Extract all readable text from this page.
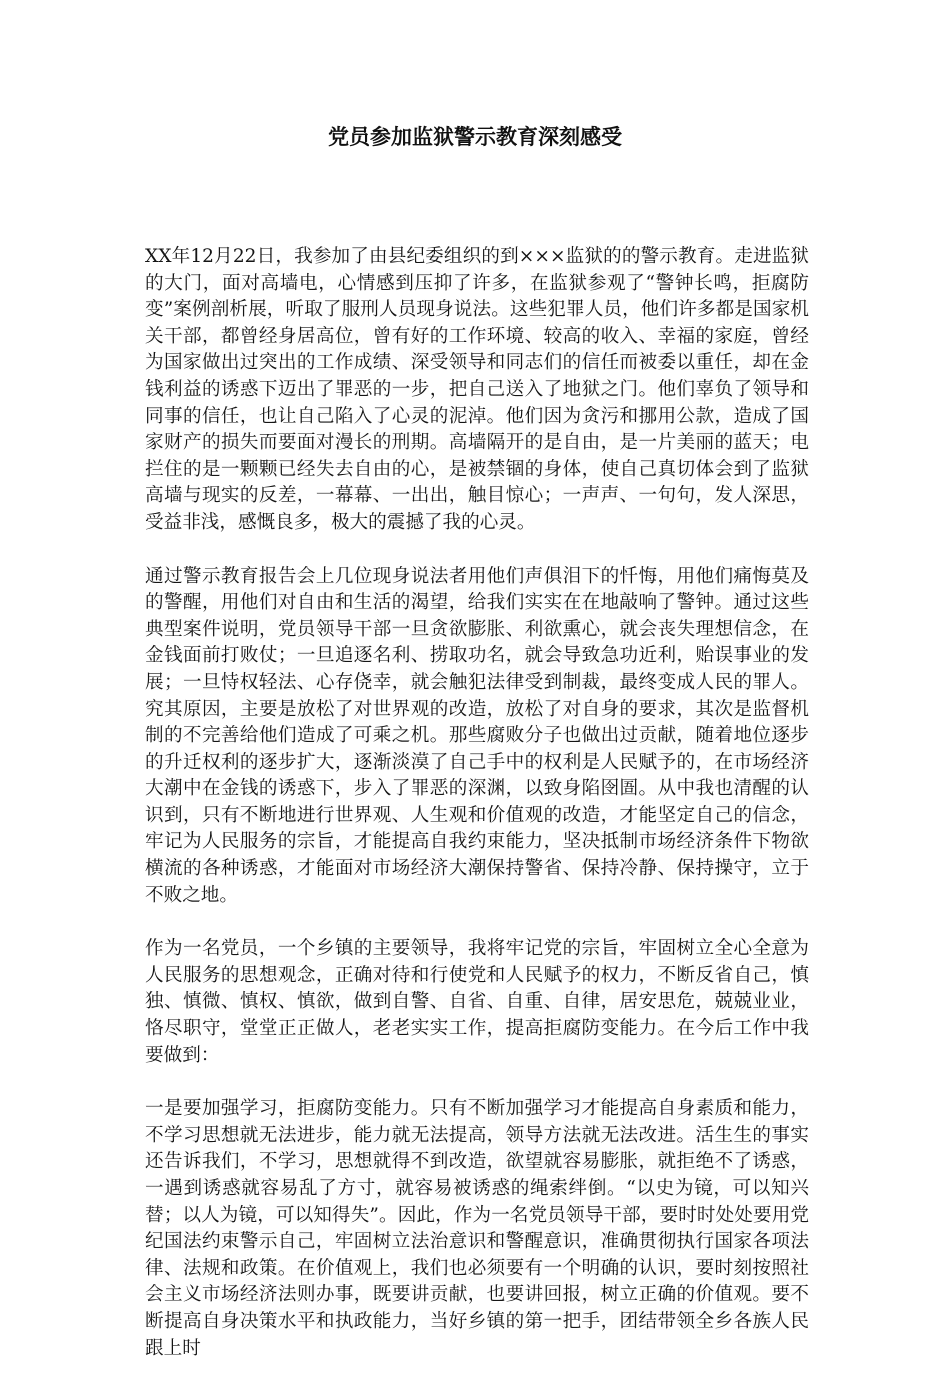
党员参加监狱警示教育深刻感受

XX年12月22日，我参加了由县纪委组织的到×××监狱的的警示教育。走进监狱的大门，面对高墙电，心情感到压抑了许多，在监狱参观了“警钟长鸣，拒腐防变”案例剖析展，听取了服刑人员现身说法。这些犯罪人员，他们许多都是国家机关干部，都曾经身居高位，曾有好的工作环境、较高的收入、幸福的家庭，曾经为国家做出过突出的工作成绩、深受领导和同志们的信任而被委以重任，却在金钱利益的诱惑下迈出了罪恶的一步，把自己送入了地狱之门。他们辜负了领导和同事的信任，也让自己陷入了心灵的泥淖。他们因为贪污和挪用公款，造成了国家财产的损失而要面对漫长的刑期。高墙隔开的是自由，是一片美丽的蓝天；电拦住的是一颗颗已经失去自由的心，是被禁锢的身体，使自己真切体会到了监狱高墙与现实的反差，一幕幕、一出出，触目惊心；一声声、一句句，发人深思，受益非浅，感慨良多，极大的震撼了我的心灵。

通过警示教育报告会上几位现身说法者用他们声俱泪下的忏悔，用他们痛悔莫及的警醒，用他们对自由和生活的渴望，给我们实实在在地敲响了警钟。通过这些典型案件说明，党员领导干部一旦贪欲膨胀、利欲熏心，就会丧失理想信念，在金钱面前打败仗；一旦追逐名利、捞取功名，就会导致急功近利，贻误事业的发展；一旦恃权轻法、心存侥幸，就会触犯法律受到制裁，最终变成人民的罪人。究其原因，主要是放松了对世界观的改造，放松了对自身的要求，其次是监督机制的不完善给他们造成了可乘之机。那些腐败分子也做出过贡献，随着地位逐步的升迁权利的逐步扩大，逐渐淡漠了自己手中的权利是人民赋予的，在市场经济大潮中在金钱的诱惑下，步入了罪恶的深渊，以致身陷囹圄。从中我也清醒的认识到，只有不断地进行世界观、人生观和价值观的改造，才能坚定自己的信念，牢记为人民服务的宗旨，才能提高自我约束能力，坚决抵制市场经济条件下物欲横流的各种诱惑，才能面对市场经济大潮保持警省、保持冷静、保持操守，立于不败之地。

作为一名党员，一个乡镇的主要领导，我将牢记党的宗旨，牢固树立全心全意为人民服务的思想观念，正确对待和行使党和人民赋予的权力，不断反省自己，慎独、慎微、慎权、慎欲，做到自警、自省、自重、自律，居安思危，兢兢业业，恪尽职守，堂堂正正做人，老老实实工作，提高拒腐防变能力。在今后工作中我要做到：

一是要加强学习，拒腐防变能力。只有不断加强学习才能提高自身素质和能力，不学习思想就无法进步，能力就无法提高，领导方法就无法改进。活生生的事实还告诉我们，不学习，思想就得不到改造，欲望就容易膨胀，就拒绝不了诱惑，一遇到诱惑就容易乱了方寸，就容易被诱惑的绳索绊倒。“以史为镜，可以知兴替；以人为镜，可以知得失”。因此，作为一名党员领导干部，要时时处处要用党纪国法约束警示自己，牢固树立法治意识和警醒意识，准确贯彻执行国家各项法律、法规和政策。在价值观上，我们也必须要有一个明确的认识，要时刻按照社会主义市场经济法则办事，既要讲贡献，也要讲回报，树立正确的价值观。要不断提高自身决策水平和执政能力，当好乡镇的第一把手，团结带领全乡各族人民跟上时
